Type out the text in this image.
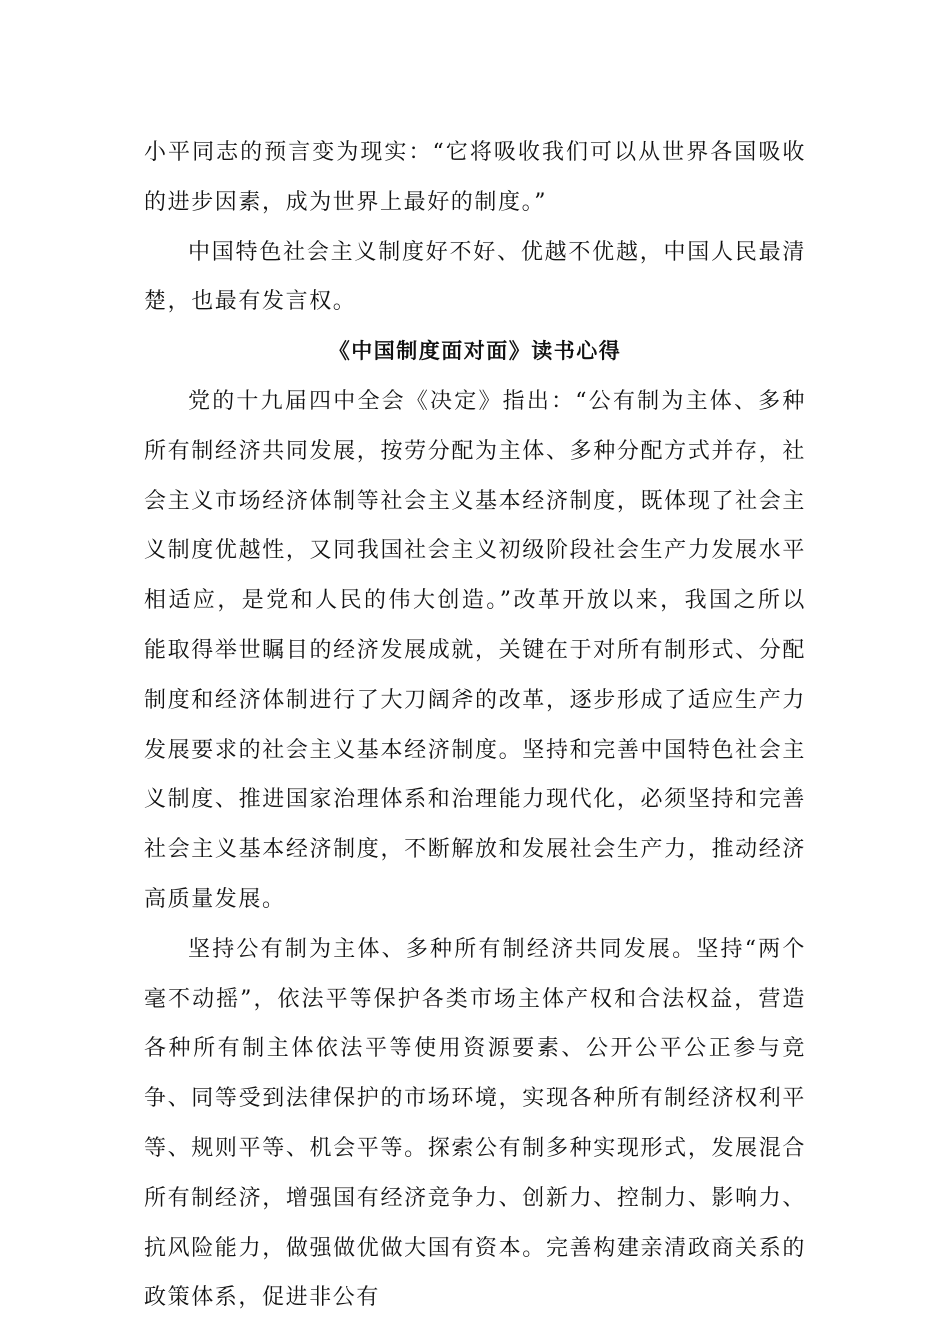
小平同志的预言变为现实：“它将吸收我们可以从世界各国吸收的进步因素，成为世界上最好的制度。”

中国特色社会主义制度好不好、优越不优越，中国人民最清楚，也最有发言权。

《中国制度面对面》读书心得

党的十九届四中全会《决定》指出：“公有制为主体、多种所有制经济共同发展，按劳分配为主体、多种分配方式并存，社会主义市场经济体制等社会主义基本经济制度，既体现了社会主义制度优越性，又同我国社会主义初级阶段社会生产力发展水平相适应，是党和人民的伟大创造。”改革开放以来，我国之所以能取得举世瞩目的经济发展成就，关键在于对所有制形式、分配制度和经济体制进行了大刀阔斧的改革，逐步形成了适应生产力发展要求的社会主义基本经济制度。坚持和完善中国特色社会主义制度、推进国家治理体系和治理能力现代化，必须坚持和完善社会主义基本经济制度，不断解放和发展社会生产力，推动经济高质量发展。

坚持公有制为主体、多种所有制经济共同发展。坚持“两个毫不动摇”，依法平等保护各类市场主体产权和合法权益，营造各种所有制主体依法平等使用资源要素、公开公平公正参与竞争、同等受到法律保护的市场环境，实现各种所有制经济权利平等、规则平等、机会平等。探索公有制多种实现形式，发展混合所有制经济，增强国有经济竞争力、创新力、控制力、影响力、抗风险能力，做强做优做大国有资本。完善构建亲清政商关系的政策体系，促进非公有
